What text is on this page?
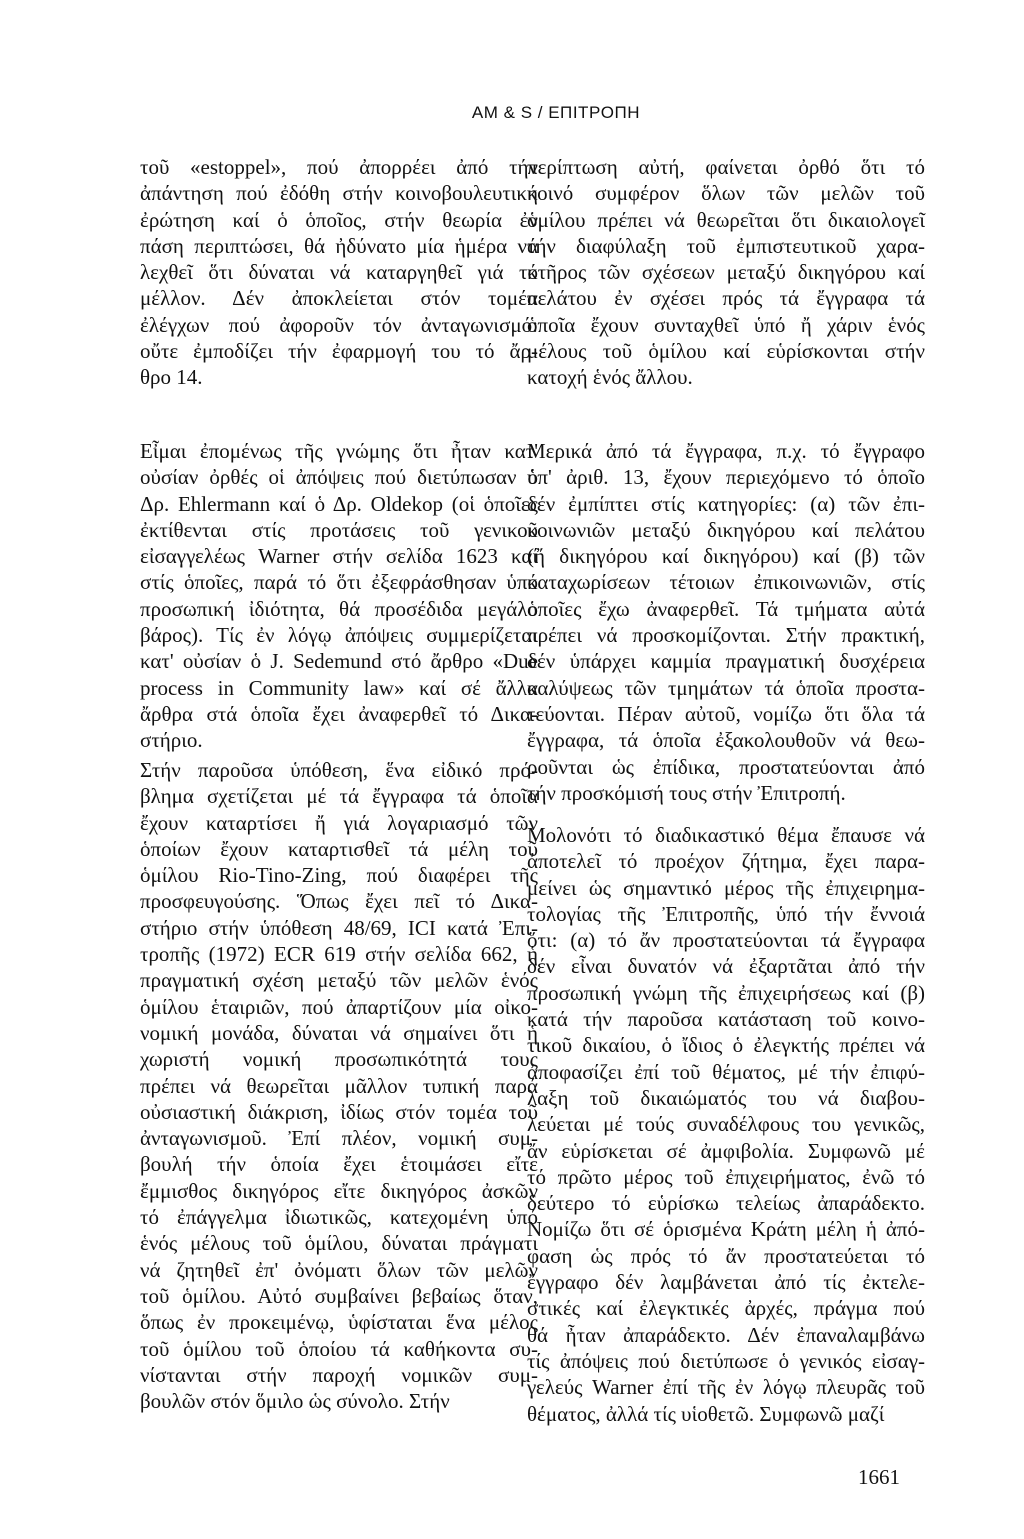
AM & S / ΕΠΙΤΡΟΠΗ
τοῦ «estoppel», πού ἀπορρέει ἀπό τήν
ἀπάντηση πού ἐδόθη στήν κοινοβουλευτική
ἐρώτηση καί ὁ ὁποῖος, στήν θεωρία ἐν
πάση περιπτώσει, θά ἠδύνατο μία ἡμέρα νά
λεχθεῖ ὅτι δύναται νά καταργηθεῖ γιά τό
μέλλον. Δέν ἀποκλείεται στόν τομέα
ἐλέγχων πού ἀφοροῦν τόν ἀνταγωνισμό:
οὔτε ἐμποδίζει τήν ἐφαρμογή του τό ἄρ-
θρο 14.
Εἶμαι ἐπομένως τῆς γνώμης ὅτι ἦταν κατ'
οὐσίαν ὀρθές οἱ ἀπόψεις πού διετύπωσαν ὁ
Δρ. Ehlermann καί ὁ Δρ. Oldekop (οἱ ὁποῖες
ἐκτίθενται στίς προτάσεις τοῦ γενικοῦ
εἰσαγγελέως Warner στήν σελίδα 1623 καί
στίς ὁποῖες, παρά τό ὅτι ἐξεφράσθησαν ὑπό
προσωπική ἰδιότητα, θά προσέδιδα μεγάλο
βάρος). Τίς ἐν λόγῳ ἀπόψεις συμμερίζεται
κατ' οὐσίαν ὁ J. Sedemund στό ἄρθρο «Due
process in Community law» καί σέ ἄλλα
ἄρθρα στά ὁποῖα ἔχει ἀναφερθεῖ τό Δικα-
στήριο.
Στήν παροῦσα ὑπόθεση, ἕνα εἰδικό πρό-
βλημα σχετίζεται μέ τά ἔγγραφα τά ὁποῖα
ἔχουν καταρτίσει ἤ γιά λογαριασμό τῶν
ὁποίων ἔχουν καταρτισθεῖ τά μέλη τοῦ
ὁμίλου Rio-Tino-Zing, πού διαφέρει τῆς
προσφευγούσης. Ὅπως ἔχει πεῖ τό Δικα-
στήριο στήν ὑπόθεση 48/69, ICI κατά Ἐπι-
τροπῆς (1972) ECR 619 στήν σελίδα 662, ἡ
πραγματική σχέση μεταξύ τῶν μελῶν ἑνός
ὁμίλου ἑταιριῶν, πού ἀπαρτίζουν μία οἰκο-
νομική μονάδα, δύναται νά σημαίνει ὅτι ἡ
χωριστή νομική προσωπικότητά τους
πρέπει νά θεωρεῖται μᾶλλον τυπική παρά
οὐσιαστική διάκριση, ἰδίως στόν τομέα τοῦ
ἀνταγωνισμοῦ. Ἐπί πλέον, νομική συμ-
βουλή τήν ὁποία ἔχει ἑτοιμάσει εἴτε
ἔμμισθος δικηγόρος εἴτε δικηγόρος ἀσκῶν
τό ἐπάγγελμα ἰδιωτικῶς, κατεχομένη ὑπό
ἑνός μέλους τοῦ ὁμίλου, δύναται πράγματι
νά ζητηθεῖ ἐπ' ὀνόματι ὅλων τῶν μελῶν
τοῦ ὁμίλου. Αὐτό συμβαίνει βεβαίως ὅταν,
ὅπως ἐν προκειμένῳ, ὑφίσταται ἕνα μέλος
τοῦ ὁμίλου τοῦ ὁποίου τά καθήκοντα συ-
νίστανται στήν παροχή νομικῶν συμ-
βουλῶν στόν ὅμιλο ὡς σύνολο. Στήν
περίπτωση αὐτή, φαίνεται ὀρθό ὅτι τό
κοινό συμφέρον ὅλων τῶν μελῶν τοῦ
ὁμίλου πρέπει νά θεωρεῖται ὅτι δικαιολογεῖ
τήν διαφύλαξη τοῦ ἐμπιστευτικοῦ χαρα-
κτῆρος τῶν σχέσεων μεταξύ δικηγόρου καί
πελάτου ἐν σχέσει πρός τά ἔγγραφα τά
ὁποῖα ἔχουν συνταχθεῖ ὑπό ἤ χάριν ἑνός
μέλους τοῦ ὁμίλου καί εὑρίσκονται στήν
κατοχή ἑνός ἄλλου.
Μερικά ἀπό τά ἔγγραφα, π.χ. τό ἔγγραφο
ὑπ' ἀριθ. 13, ἔχουν περιεχόμενο τό ὁποῖο
δέν ἐμπίπτει στίς κατηγορίες: (α) τῶν ἐπι-
κοινωνιῶν μεταξύ δικηγόρου καί πελάτου
(ἤ δικηγόρου καί δικηγόρου) καί (β) τῶν
καταχωρίσεων τέτοιων ἐπικοινωνιῶν, στίς
ὁποῖες ἔχω ἀναφερθεῖ. Τά τμήματα αὐτά
πρέπει νά προσκομίζονται. Στήν πρακτική,
δέν ὑπάρχει καμμία πραγματική δυσχέρεια
καλύψεως τῶν τμημάτων τά ὁποῖα προστα-
τεύονται. Πέραν αὐτοῦ, νομίζω ὅτι ὅλα τά
ἔγγραφα, τά ὁποῖα ἐξακολουθοῦν νά θεω-
ροῦνται ὡς ἐπίδικα, προστατεύονται ἀπό
τήν προσκόμισή τους στήν Ἐπιτροπή.
Μολονότι τό διαδικαστικό θέμα ἔπαυσε νά
ἀποτελεῖ τό προέχον ζήτημα, ἔχει παρα-
μείνει ὡς σημαντικό μέρος τῆς ἐπιχειρημα-
τολογίας τῆς Ἐπιτροπῆς, ὑπό τήν ἔννοιά
ὅτι: (α) τό ἄν προστατεύονται τά ἔγγραφα
δέν εἶναι δυνατόν νά ἐξαρτᾶται ἀπό τήν
προσωπική γνώμη τῆς ἐπιχειρήσεως καί (β)
κατά τήν παροῦσα κατάσταση τοῦ κοινο-
τικοῦ δικαίου, ὁ ἴδιος ὁ ἐλεγκτής πρέπει νά
ἀποφασίζει ἐπί τοῦ θέματος, μέ τήν ἐπιφύ-
λαξη τοῦ δικαιώματός του νά διαβου-
λεύεται μέ τούς συναδέλφους του γενικῶς,
ἄν εὑρίσκεται σέ ἀμφιβολία. Συμφωνῶ μέ
τό πρῶτο μέρος τοῦ ἐπιχειρήματος, ἐνῶ τό
δεύτερο τό εὑρίσκω τελείως ἀπαράδεκτο.
Νομίζω ὅτι σέ ὁρισμένα Κράτη μέλη ἡ ἀπό-
φαση ὡς πρός τό ἄν προστατεύεται τό
ἔγγραφο δέν λαμβάνεται ἀπό τίς ἐκτελε-
στικές καί ἐλεγκτικές ἀρχές, πράγμα πού
θά ἦταν ἀπαράδεκτο. Δέν ἐπαναλαμβάνω
τίς ἀπόψεις πού διετύπωσε ὁ γενικός εἰσαγ-
γελεύς Warner ἐπί τῆς ἐν λόγῳ πλευρᾶς τοῦ
θέματος, ἀλλά τίς υἱοθετῶ. Συμφωνῶ μαζί
1661
